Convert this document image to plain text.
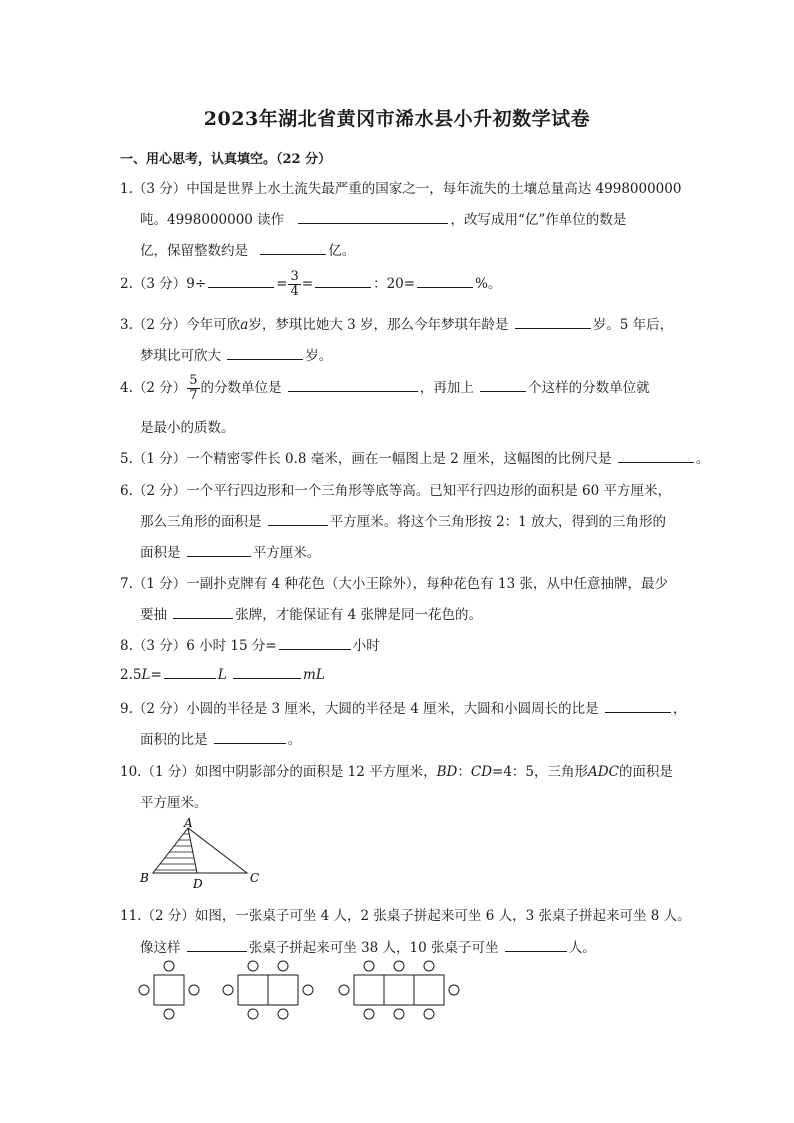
2023年湖北省黄冈市浠水县小升初数学试卷
一、用心思考，认真填空。（22 分）
1.（3 分）中国是世界上水土流失最严重的国家之一，每年流失的土壤总量高达 4998000000
吨。4998000000 读作	，改写成用“亿”作单位的数是
亿，保留整数约是	亿。
2.（3 分）9÷	= $\frac{3}{4}$ =	：20=	%。
3.（2 分）今年可欣a岁，梦琪比她大 3 岁，那么今年梦琪年龄是	岁。5 年后，
梦琪比可欣大	岁。
4.（2 分） $\frac{5}{7}$ 的分数单位是	，再加上	个这样的分数单位就
是最小的质数。
5.（1 分）一个精密零件长 0.8 毫米，画在一幅图上是 2 厘米，这幅图的比例尺是	。
6.（2 分）一个平行四边形和一个三角形等底等高。已知平行四边形的面积是 60 平方厘米，
那么三角形的面积是	平方厘米。将这个三角形按 2：1 放大，得到的三角形的
面积是	平方厘米。
7.（1 分）一副扑克牌有 4 种花色（大小王除外），每种花色有 13 张，从中任意抽牌，最少
要抽	张牌，才能保证有 4 张牌是同一花色的。
8.（3 分）6 小时 15 分=	小时
2.5L=	L	mL
9.（2 分）小圆的半径是 3 厘米，大圆的半径是 4 厘米，大圆和小圆周长的比是	，
面积的比是	。
10.（1 分）如图中阴影部分的面积是 12 平方厘米，BD：CD=4：5，三角形ADC的面积是
平方厘米。
A
B	D	C
11.（2 分）如图，一张桌子可坐 4 人，2 张桌子拼起来可坐 6 人，3 张桌子拼起来可坐 8 人。
像这样	张桌子拼起来可坐 38 人，10 张桌子可坐	人。
